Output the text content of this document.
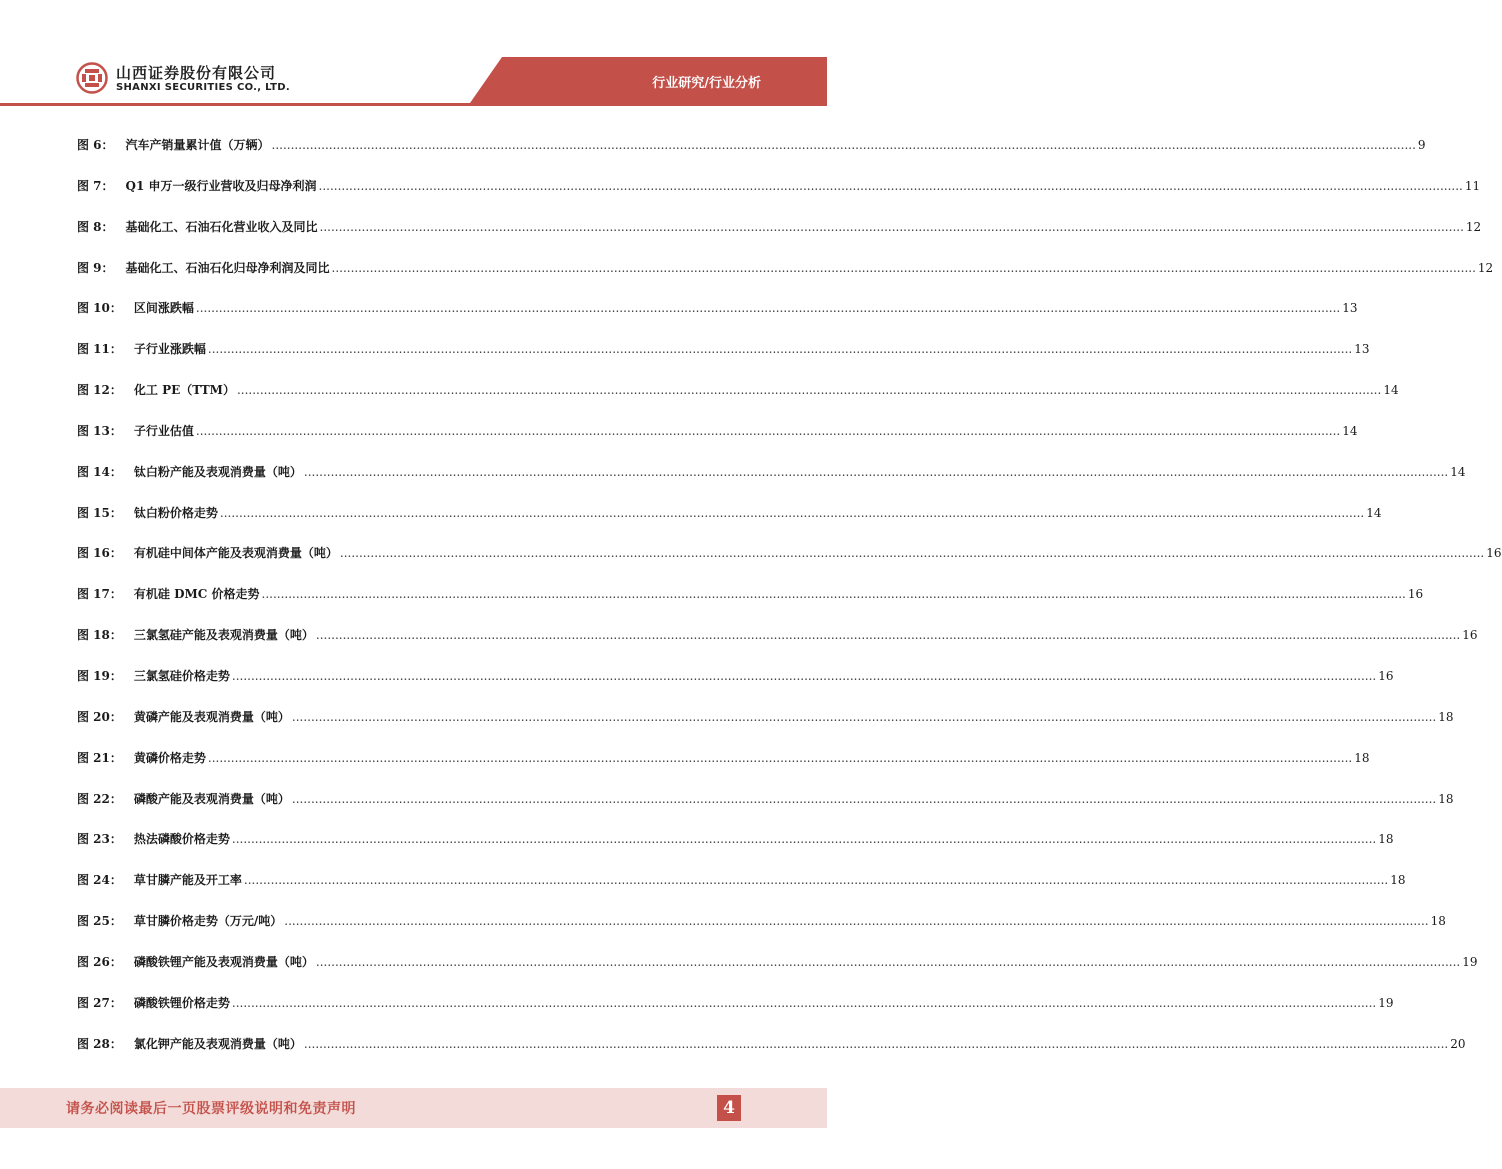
山西证券股份有限公司
SHANXI SECURITIES CO., LTD.	行业研究/行业分析
图 6： 汽车产销量累计值（万辆） ............................................................................................................................................................................................................................................................................................................ 9
图 7： Q1 申万一级行业营收及归母净利润 ............................................................................................................................................................................................................................................................................................................ 11
图 8： 基础化工、石油石化营业收入及同比 ............................................................................................................................................................................................................................................................................................................ 12
图 9： 基础化工、石油石化归母净利润及同比 ............................................................................................................................................................................................................................................................................................................ 12
图 10： 区间涨跌幅 ............................................................................................................................................................................................................................................................................................................ 13
图 11： 子行业涨跌幅 ............................................................................................................................................................................................................................................................................................................ 13
图 12： 化工 PE（TTM） ............................................................................................................................................................................................................................................................................................................ 14
图 13： 子行业估值 ............................................................................................................................................................................................................................................................................................................ 14
图 14： 钛白粉产能及表观消费量（吨） ............................................................................................................................................................................................................................................................................................................ 14
图 15： 钛白粉价格走势 ............................................................................................................................................................................................................................................................................................................ 14
图 16： 有机硅中间体产能及表观消费量（吨） ............................................................................................................................................................................................................................................................................................................ 16
图 17： 有机硅 DMC 价格走势 ............................................................................................................................................................................................................................................................................................................ 16
图 18： 三氯氢硅产能及表观消费量（吨） ............................................................................................................................................................................................................................................................................................................ 16
图 19： 三氯氢硅价格走势 ............................................................................................................................................................................................................................................................................................................ 16
图 20： 黄磷产能及表观消费量（吨） ............................................................................................................................................................................................................................................................................................................ 18
图 21： 黄磷价格走势 ............................................................................................................................................................................................................................................................................................................ 18
图 22： 磷酸产能及表观消费量（吨） ............................................................................................................................................................................................................................................................................................................ 18
图 23： 热法磷酸价格走势 ............................................................................................................................................................................................................................................................................................................ 18
图 24： 草甘膦产能及开工率 ............................................................................................................................................................................................................................................................................................................ 18
图 25： 草甘膦价格走势（万元/吨） ............................................................................................................................................................................................................................................................................................................ 18
图 26： 磷酸铁锂产能及表观消费量（吨） ............................................................................................................................................................................................................................................................................................................ 19
图 27： 磷酸铁锂价格走势 ............................................................................................................................................................................................................................................................................................................ 19
图 28： 氯化钾产能及表观消费量（吨） ............................................................................................................................................................................................................................................................................................................ 20
请务必阅读最后一页股票评级说明和免责声明	4
